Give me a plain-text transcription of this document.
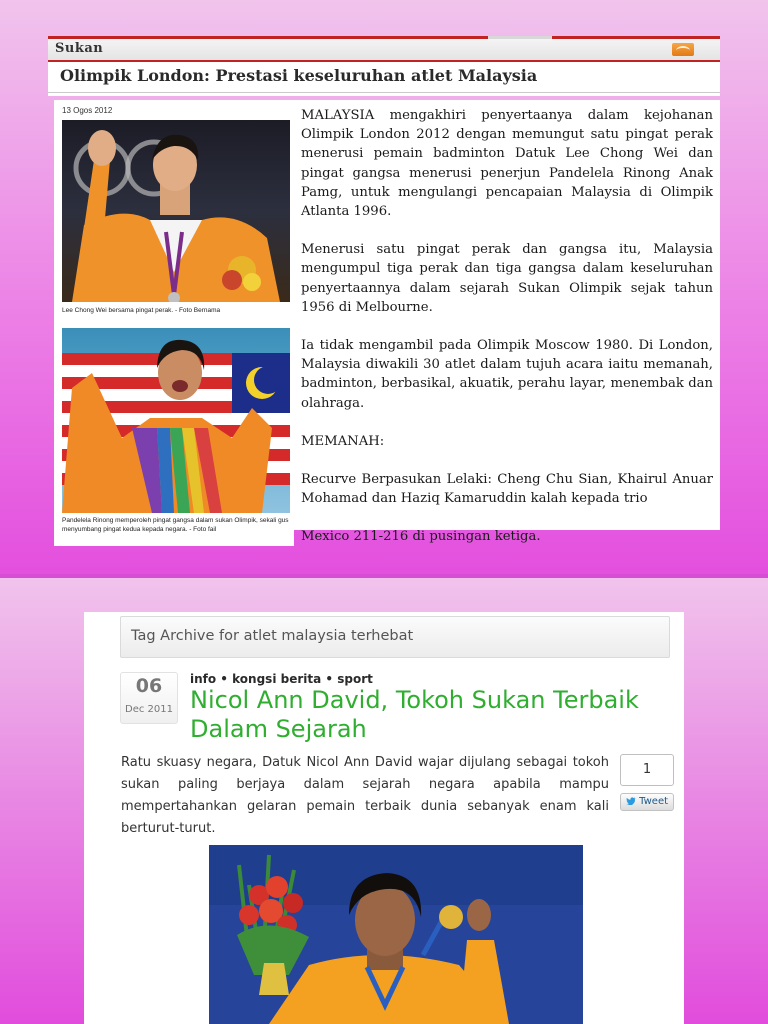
Sukan
Olimpik London: Prestasi keseluruhan atlet Malaysia
13 Ogos 2012
Lee Chong Wei bersama pingat perak. - Foto Bernama
Pandelela Rinong memperoleh pingat gangsa dalam sukan Olimpik, sekali gus menyumbang pingat kedua kepada negara. - Foto fail

MALAYSIA mengakhiri penyertaanya dalam kejohanan Olimpik London 2012 dengan memungut satu pingat perak menerusi pemain badminton Datuk Lee Chong Wei dan pingat gangsa menerusi penerjun Pandelela Rinong Anak Pamg, untuk mengulangi pencapaian Malaysia di Olimpik Atlanta 1996.

Menerusi satu pingat perak dan gangsa itu, Malaysia mengumpul tiga perak dan tiga gangsa dalam keseluruhan penyertaannya dalam sejarah Sukan Olimpik sejak tahun 1956 di Melbourne.

Ia tidak mengambil pada Olimpik Moscow 1980. Di London, Malaysia diwakili 30 atlet dalam tujuh acara iaitu memanah, badminton, berbasikal, akuatik, perahu layar, menembak dan olahraga.

MEMANAH:

Recurve Berpasukan Lelaki: Cheng Chu Sian, Khairul Anuar Mohamad dan Haziq Kamaruddin kalah kepada trio

Mexico 211-216 di pusingan ketiga.

Tag Archive for atlet malaysia terhebat
06
Dec 2011
info • kongsi berita • sport
Nicol Ann David, Tokoh Sukan Terbaik Dalam Sejarah
Ratu skuasy negara, Datuk Nicol Ann David wajar dijulang sebagai tokoh sukan paling berjaya dalam sejarah negara apabila mampu mempertahankan gelaran pemain terbaik dunia sebanyak enam kali berturut-turut.
1
Tweet
